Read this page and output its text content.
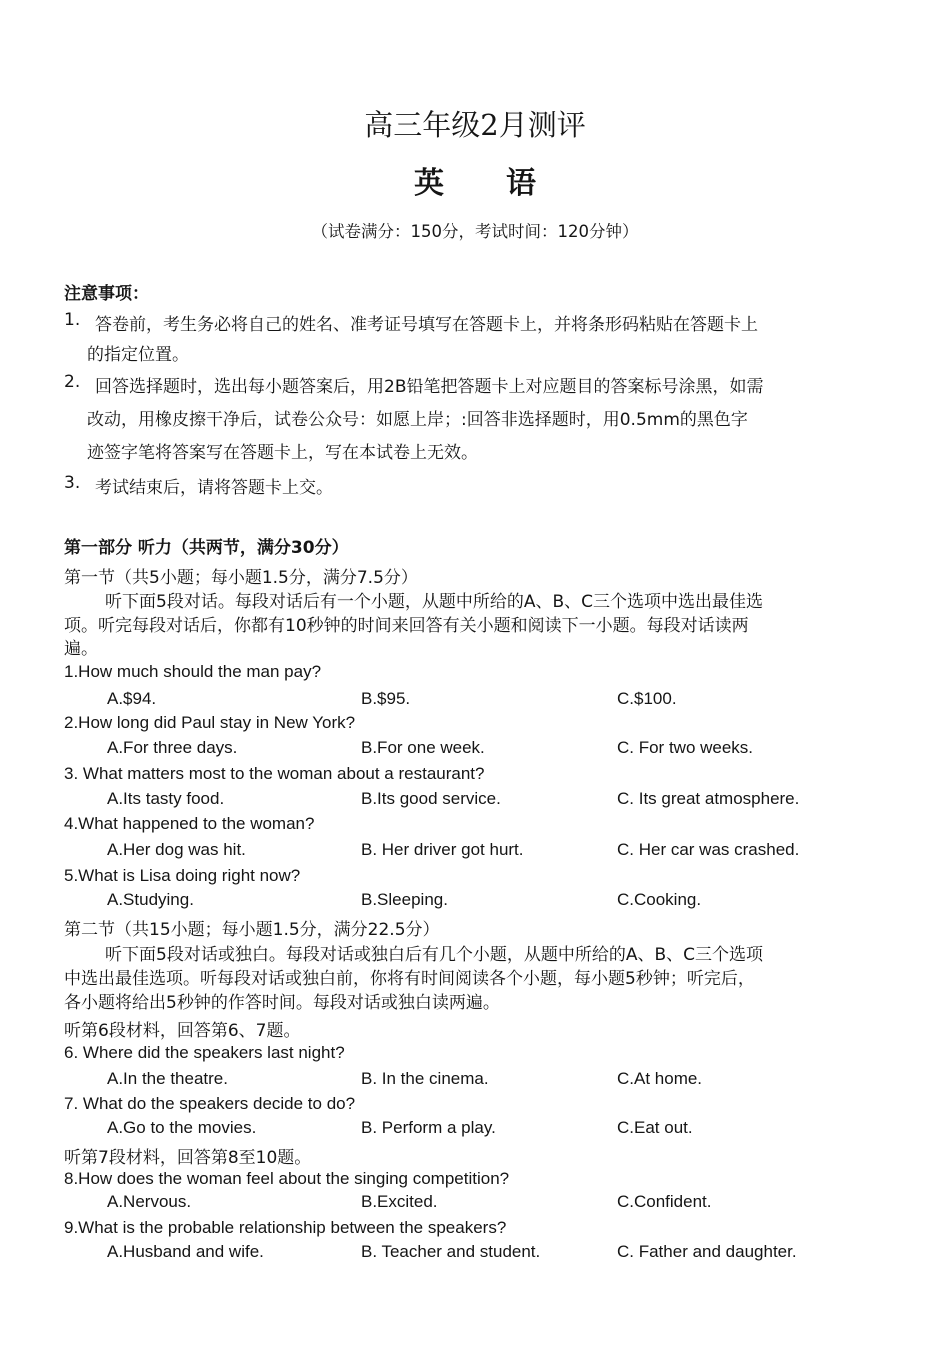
高三年级2月测评
英语
（试卷满分：150分，考试时间：120分钟）
注意事项：
1. 答卷前，考生务必将自己的姓名、准考证号填写在答题卡上，并将条形码粘贴在答题卡上
的指定位置。
2. 回答选择题时，选出每小题答案后，用2B铅笔把答题卡上对应题目的答案标号涂黑，如需
改动，用橡皮擦干净后，试卷公众号：如愿上岸；:回答非选择题时，用0.5mm的黑色字
迹签字笔将答案写在答题卡上，写在本试卷上无效。
3. 考试结束后，请将答题卡上交。
第一部分 听力（共两节，满分30分）
第一节（共5小题；每小题1.5分，满分7.5分）
听下面5段对话。每段对话后有一个小题，从题中所给的A、B、C三个选项中选出最佳选
项。听完每段对话后，你都有10秒钟的时间来回答有关小题和阅读下一小题。每段对话读两
遍。
1.How much should the man pay?
A.$94.	B.$95.	C.$100.
2.How long did Paul stay in New York?
A.For three days.	B.For one week.	C. For two weeks.
3. What matters most to the woman about a restaurant?
A.Its tasty food.	B.Its good service.	C. Its great atmosphere.
4.What happened to the woman?
A.Her dog was hit.	B. Her driver got hurt.	C. Her car was crashed.
5.What is Lisa doing right now?
A.Studying.	B.Sleeping.	C.Cooking.
第二节（共15小题；每小题1.5分，满分22.5分）
听下面5段对话或独白。每段对话或独白后有几个小题，从题中所给的A、B、C三个选项
中选出最佳选项。听每段对话或独白前，你将有时间阅读各个小题，每小题5秒钟；听完后，
各小题将给出5秒钟的作答时间。每段对话或独白读两遍。
听第6段材料，回答第6、7题。
6. Where did the speakers last night?
A.In the theatre.	B. In the cinema.	C.At home.
7. What do the speakers decide to do?
A.Go to the movies.	B. Perform a play.	C.Eat out.
听第7段材料，回答第8至10题。
8.How does the woman feel about the singing competition?
A.Nervous.	B.Excited.	C.Confident.
9.What is the probable relationship between the speakers?
A.Husband and wife.	B. Teacher and student.	C. Father and daughter.
